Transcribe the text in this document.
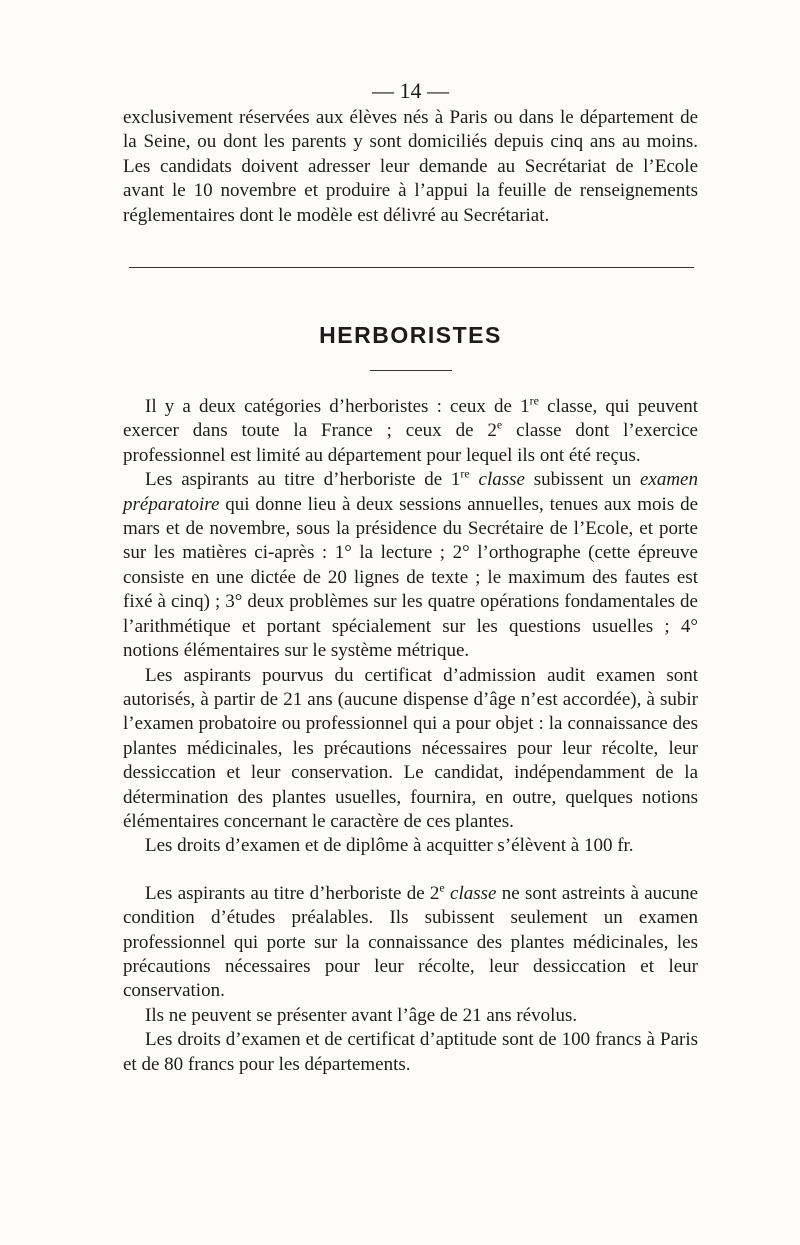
— 14 —

exclusivement réservées aux élèves nés à Paris ou dans le département de la Seine, ou dont les parents y sont domiciliés depuis cinq ans au moins. Les candidats doivent adresser leur demande au Secrétariat de l’Ecole avant le 10 novembre et produire à l’appui la feuille de renseignements réglementaires dont le modèle est délivré au Secrétariat.

HERBORISTES

Il y a deux catégories d’herboristes : ceux de 1re classe, qui peuvent exercer dans toute la France ; ceux de 2e classe dont l’exercice professionnel est limité au département pour lequel ils ont été reçus.

Les aspirants au titre d’herboriste de 1re classe subissent un examen préparatoire qui donne lieu à deux sessions annuelles, tenues aux mois de mars et de novembre, sous la présidence du Secrétaire de l’Ecole, et porte sur les matières ci-après : 1° la lecture ; 2° l’orthographe (cette épreuve consiste en une dictée de 20 lignes de texte ; le maximum des fautes est fixé à cinq) ; 3° deux problèmes sur les quatre opérations fondamentales de l’arithmétique et portant spécialement sur les questions usuelles ; 4° notions élémentaires sur le système métrique.

Les aspirants pourvus du certificat d’admission audit examen sont autorisés, à partir de 21 ans (aucune dispense d’âge n’est accordée), à subir l’examen probatoire ou professionnel qui a pour objet : la connaissance des plantes médicinales, les précautions nécessaires pour leur récolte, leur dessiccation et leur conservation. Le candidat, indépendamment de la détermination des plantes usuelles, fournira, en outre, quelques notions élémentaires concernant le caractère de ces plantes.

Les droits d’examen et de diplôme à acquitter s’élèvent à 100 fr.

Les aspirants au titre d’herboriste de 2e classe ne sont astreints à aucune condition d’études préalables. Ils subissent seulement un examen professionnel qui porte sur la connaissance des plantes médicinales, les précautions nécessaires pour leur récolte, leur dessiccation et leur conservation.

Ils ne peuvent se présenter avant l’âge de 21 ans révolus.

Les droits d’examen et de certificat d’aptitude sont de 100 francs à Paris et de 80 francs pour les départements.
